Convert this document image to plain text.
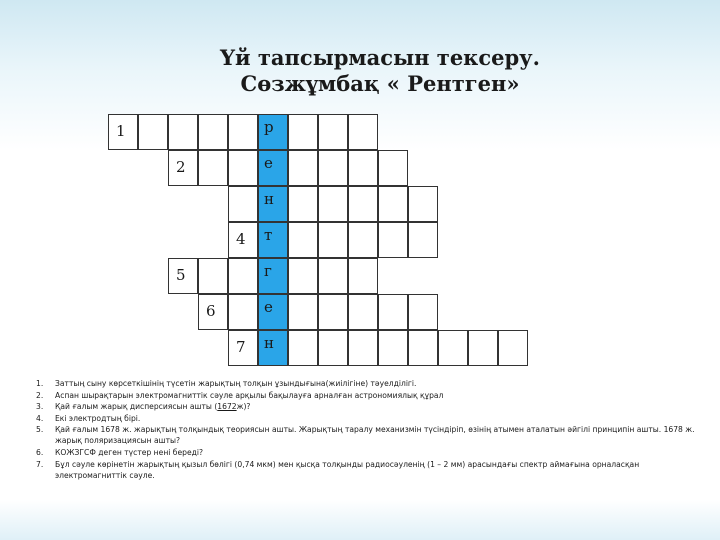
Үй тапсырмасын тексеру.
Сөзжұмбақ « Рентген»
р
1
е
2
н
т
4
г
5
е
6
н
7
1. Заттың сыну көрсеткішінің түсетін жарықтың толқын ұзындығына(жиілігіне) тәуелділігі.
2. Аспан шырақтарын электромагниттік сәуле арқылы бақылауға арналған астрономиялық құрал
3. Қай ғалым жарық дисперсиясын ашты (1672ж)?
4. Екі электродтың бірі.
5. Қай ғалым 1678 ж. жарықтың толқындық теориясын ашты. Жарықтың таралу механизмін түсіндіріп, өзінің атымен аталатын әйгілі принципін ашты. 1678 ж. жарық поляризациясын ашты?
6. КОЖЗГСФ деген түстер нені береді?
7. Бұл сәуле көрінетін жарықтың қызыл бөлігі (0,74 мкм) мен қысқа толқынды радиосәуленің (1 – 2 мм) арасындағы спектр аймағына орналасқан электромагниттік сәуле.
